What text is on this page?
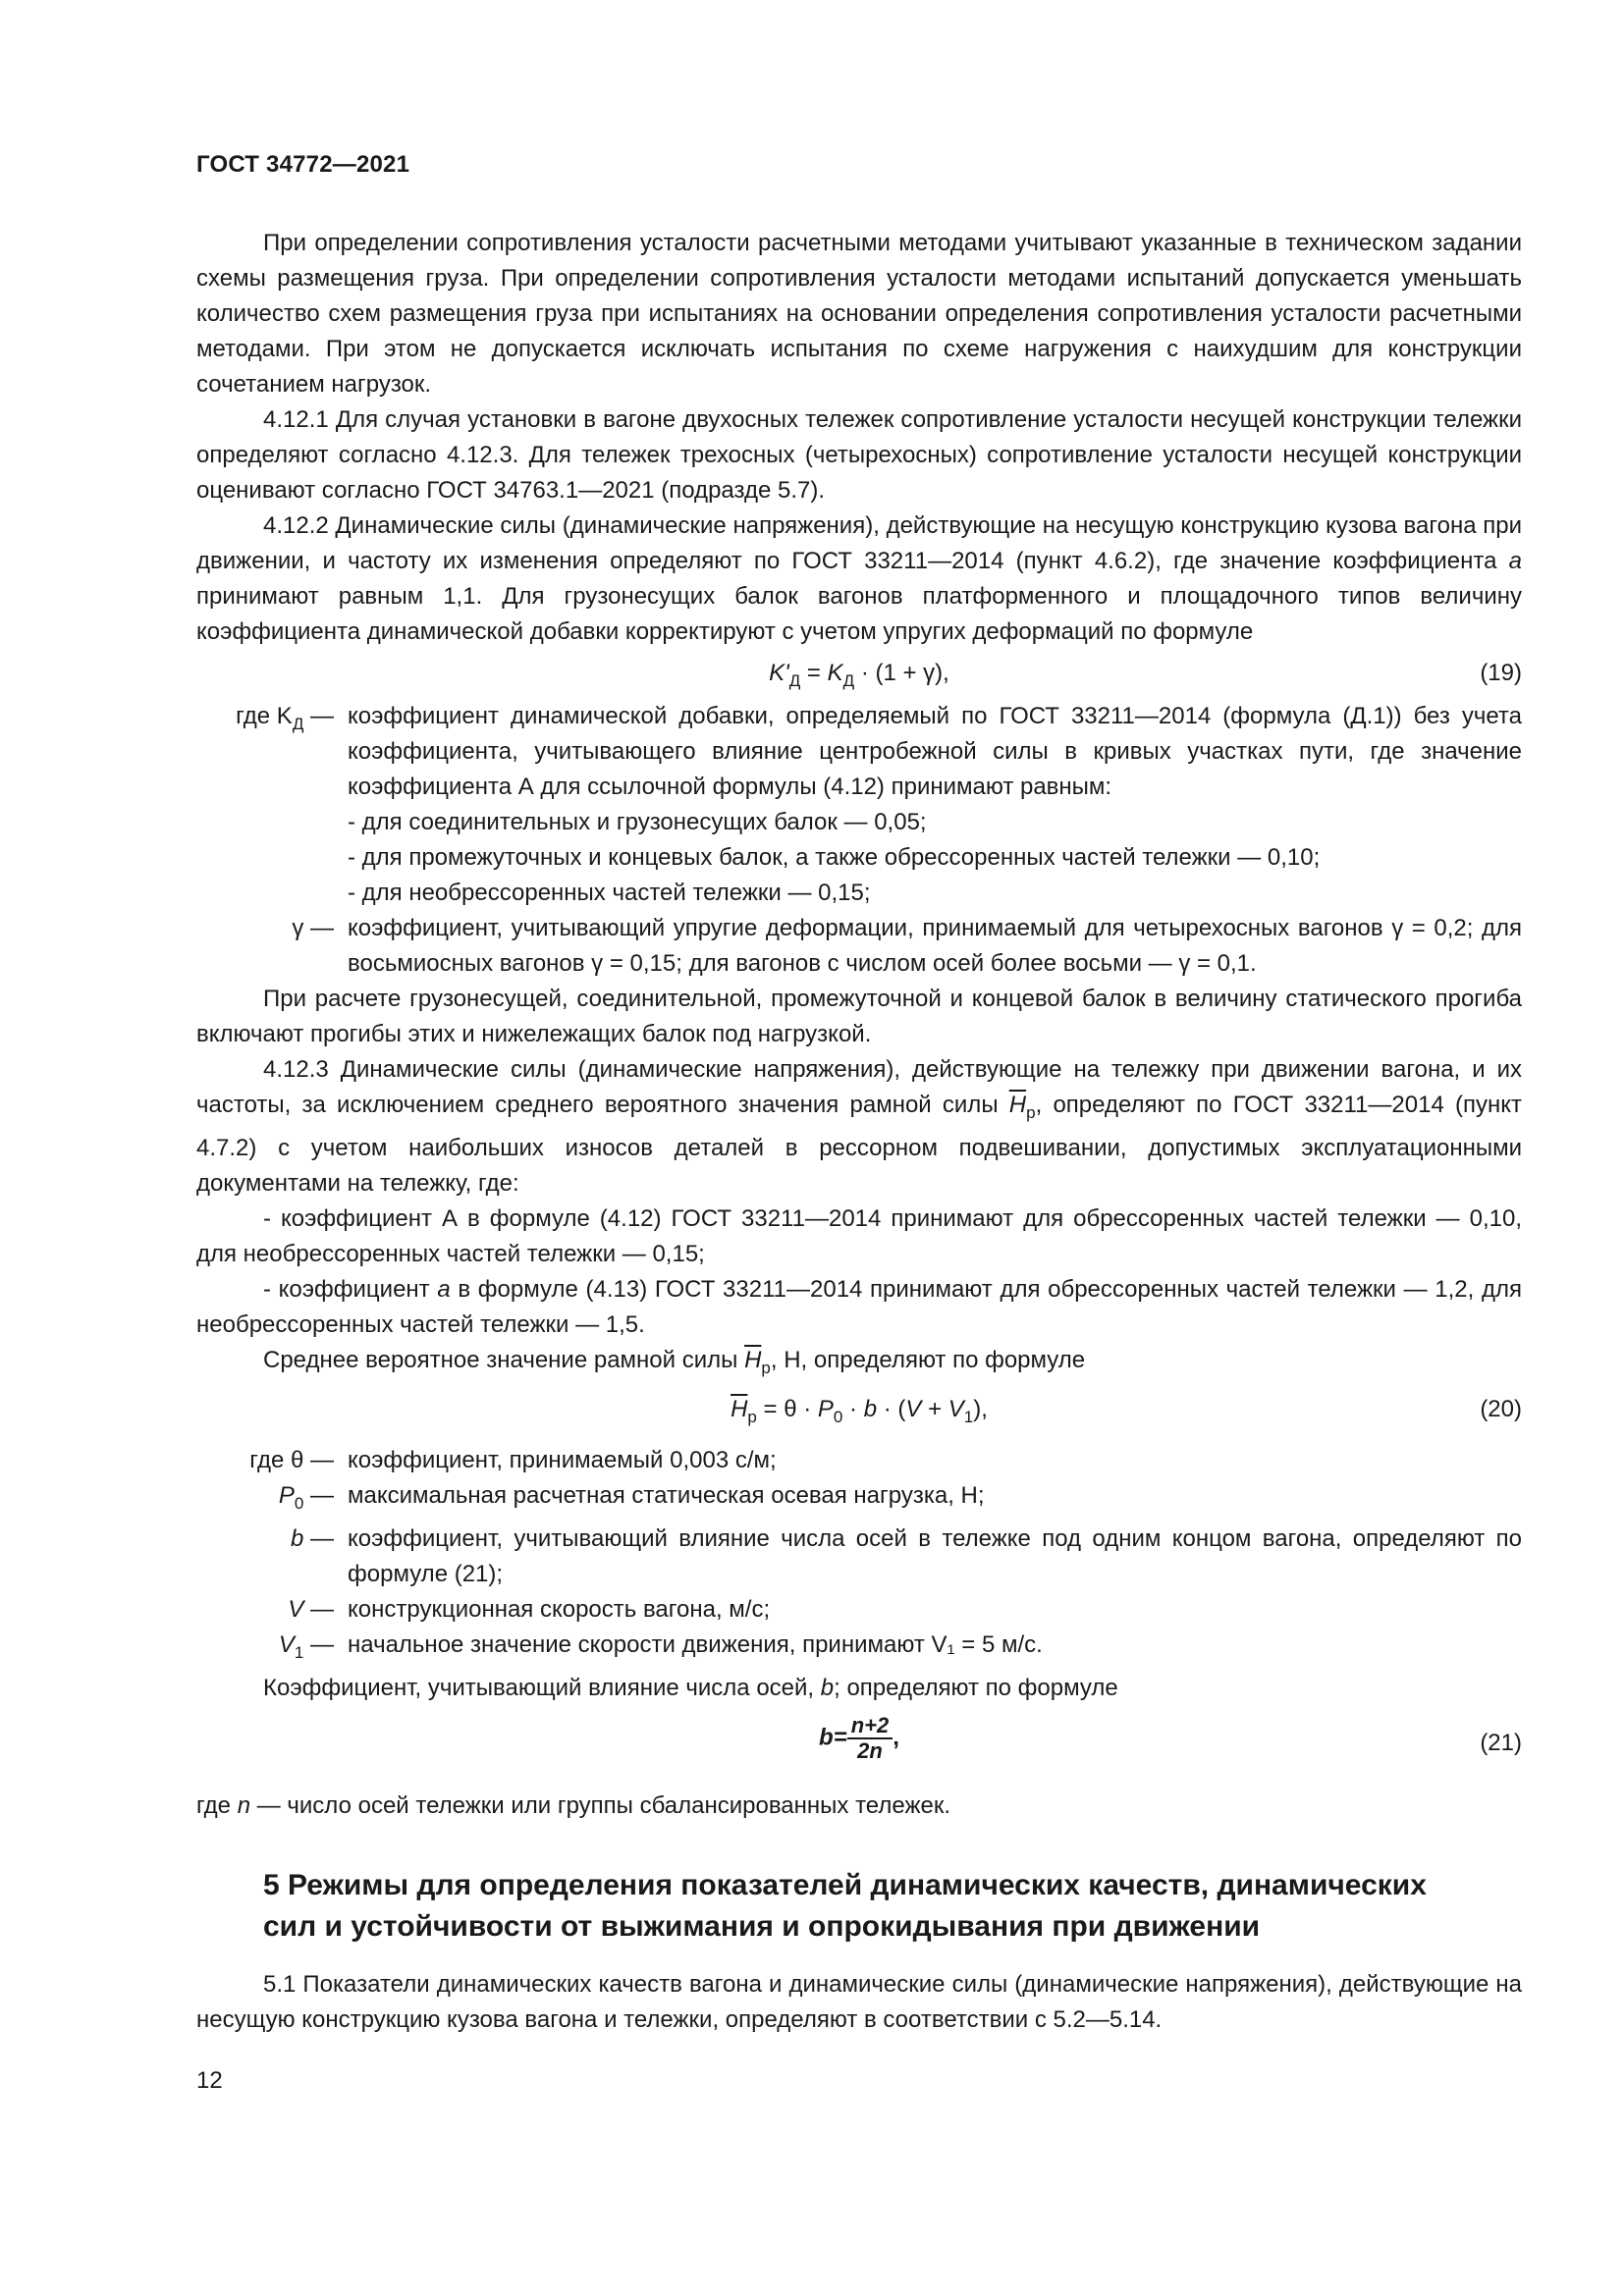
ГОСТ 34772—2021

При определении сопротивления усталости расчетными методами учитывают указанные в техническом задании схемы размещения груза. При определении сопротивления усталости методами испытаний допускается уменьшать количество схем размещения груза при испытаниях на основании определения сопротивления усталости расчетными методами. При этом не допускается исключать испытания по схеме нагружения с наихудшим для конструкции сочетанием нагрузок.

4.12.1 Для случая установки в вагоне двухосных тележек сопротивление усталости несущей конструкции тележки определяют согласно 4.12.3. Для тележек трехосных (четырехосных) сопротивление усталости несущей конструкции оценивают согласно ГОСТ 34763.1—2021 (подразде 5.7).

4.12.2 Динамические силы (динамические напряжения), действующие на несущую конструкцию кузова вагона при движении, и частоту их изменения определяют по ГОСТ 33211—2014 (пункт 4.6.2), где значение коэффициента а принимают равным 1,1. Для грузонесущих балок вагонов платформенного и площадочного типов величину коэффициента динамической добавки корректируют с учетом упругих деформаций по формуле

$K'_Д = K_Д \cdot (1 + \gamma)$,	(19)
где $K_Д$ — коэффициент динамической добавки, определяемый по ГОСТ 33211—2014 (формула (Д.1)) без учета коэффициента, учитывающего влияние центробежной силы в кривых участках пути, где значение коэффициента А для ссылочной формулы (4.12) принимают равным:
- для соединительных и грузонесущих балок — 0,05;
- для промежуточных и концевых балок, а также обрессоренных частей тележки — 0,10;
- для необрессоренных частей тележки — 0,15;
γ — коэффициент, учитывающий упругие деформации, принимаемый для четырехосных вагонов γ = 0,2; для восьмиосных вагонов γ = 0,15; для вагонов с числом осей более восьми — γ = 0,1.

При расчете грузонесущей, соединительной, промежуточной и концевой балок в величину статического прогиба включают прогибы этих и нижележащих балок под нагрузкой.

4.12.3 Динамические силы (динамические напряжения), действующие на тележку при движении вагона, и их частоты, за исключением среднего вероятного значения рамной силы $\overline{H}_р$, определяют по ГОСТ 33211—2014 (пункт 4.7.2) с учетом наибольших износов деталей в рессорном подвешивании, допустимых эксплуатационными документами на тележку, где:

- коэффициент А в формуле (4.12) ГОСТ 33211—2014 принимают для обрессоренных частей тележки — 0,10, для необрессоренных частей тележки — 0,15;

- коэффициент а в формуле (4.13) ГОСТ 33211—2014 принимают для обрессоренных частей тележки — 1,2, для необрессоренных частей тележки — 1,5.

Среднее вероятное значение рамной силы $\overline{H}_р$, Н, определяют по формуле

$\overline{H}_р = \theta \cdot P_0 \cdot b \cdot (V + V_1)$,	(20)
где θ — коэффициент, принимаемый 0,003 с/м;
$P_0$ — максимальная расчетная статическая осевая нагрузка, Н;
b — коэффициент, учитывающий влияние числа осей в тележке под одним концом вагона, определяют по формуле (21);
V — конструкционная скорость вагона, м/с;
$V_1$ — начальное значение скорости движения, принимают V₁ = 5 м/с.

Коэффициент, учитывающий влияние числа осей, b; определяют по формуле

$b= \frac{n+2}{2n}$ ,	(21)

где n — число осей тележки или группы сбалансированных тележек.

5 Режимы для определения показателей динамических качеств, динамических сил и устойчивости от выжимания и опрокидывания при движении

5.1 Показатели динамических качеств вагона и динамические силы (динамические напряжения), действующие на несущую конструкцию кузова вагона и тележки, определяют в соответствии с 5.2—5.14.

12
